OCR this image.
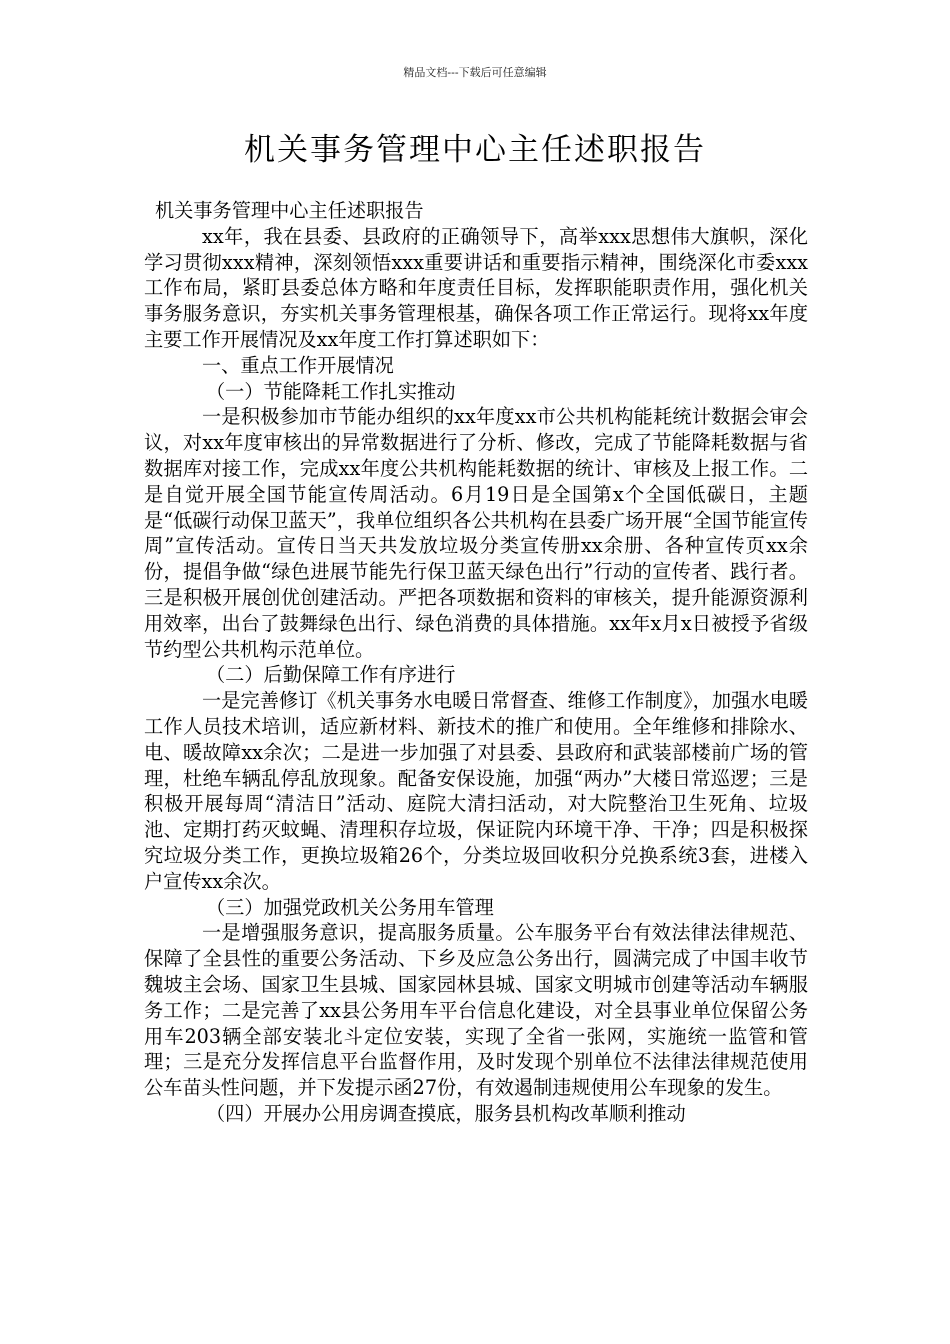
精品文档---下载后可任意编辑
机关事务管理中心主任述职报告

机关事务管理中心主任述职报告

xx年，我在县委、县政府的正确领导下，高举xxx思想伟大旗帜，深化学习贯彻xxx精神，深刻领悟xxx重要讲话和重要指示精神，围绕深化市委xxx工作布局，紧盯县委总体方略和年度责任目标，发挥职能职责作用，强化机关事务服务意识，夯实机关事务管理根基，确保各项工作正常运行。现将xx年度主要工作开展情况及xx年度工作打算述职如下：

一、重点工作开展情况

（一）节能降耗工作扎实推动

一是积极参加市节能办组织的xx年度xx市公共机构能耗统计数据会审会议，对xx年度审核出的异常数据进行了分析、修改，完成了节能降耗数据与省数据库对接工作，完成xx年度公共机构能耗数据的统计、审核及上报工作。二是自觉开展全国节能宣传周活动。6月19日是全国第x个全国低碳日，主题是“低碳行动保卫蓝天”，我单位组织各公共机构在县委广场开展“全国节能宣传周”宣传活动。宣传日当天共发放垃圾分类宣传册xx余册、各种宣传页xx余份，提倡争做“绿色进展节能先行保卫蓝天绿色出行”行动的宣传者、践行者。三是积极开展创优创建活动。严把各项数据和资料的审核关，提升能源资源利用效率，出台了鼓舞绿色出行、绿色消费的具体措施。xx年x月x日被授予省级节约型公共机构示范单位。

（二）后勤保障工作有序进行

一是完善修订《机关事务水电暖日常督查、维修工作制度》，加强水电暖工作人员技术培训，适应新材料、新技术的推广和使用。全年维修和排除水、电、暖故障xx余次；二是进一步加强了对县委、县政府和武装部楼前广场的管理，杜绝车辆乱停乱放现象。配备安保设施，加强“两办”大楼日常巡逻；三是积极开展每周“清洁日”活动、庭院大清扫活动，对大院整治卫生死角、垃圾池、定期打药灭蚊蝇、清理积存垃圾，保证院内环境干净、干净；四是积极探究垃圾分类工作，更换垃圾箱26个，分类垃圾回收积分兑换系统3套，进楼入户宣传xx余次。

（三）加强党政机关公务用车管理

一是增强服务意识，提高服务质量。公车服务平台有效法律法律规范、保障了全县性的重要公务活动、下乡及应急公务出行，圆满完成了中国丰收节魏坡主会场、国家卫生县城、国家园林县城、国家文明城市创建等活动车辆服务工作；二是完善了xx县公务用车平台信息化建设，对全县事业单位保留公务用车203辆全部安装北斗定位安装，实现了全省一张网，实施统一监管和管理；三是充分发挥信息平台监督作用，及时发现个别单位不法律法律规范使用公车苗头性问题，并下发提示函27份，有效遏制违规使用公车现象的发生。

（四）开展办公用房调查摸底，服务县机构改革顺利推动
